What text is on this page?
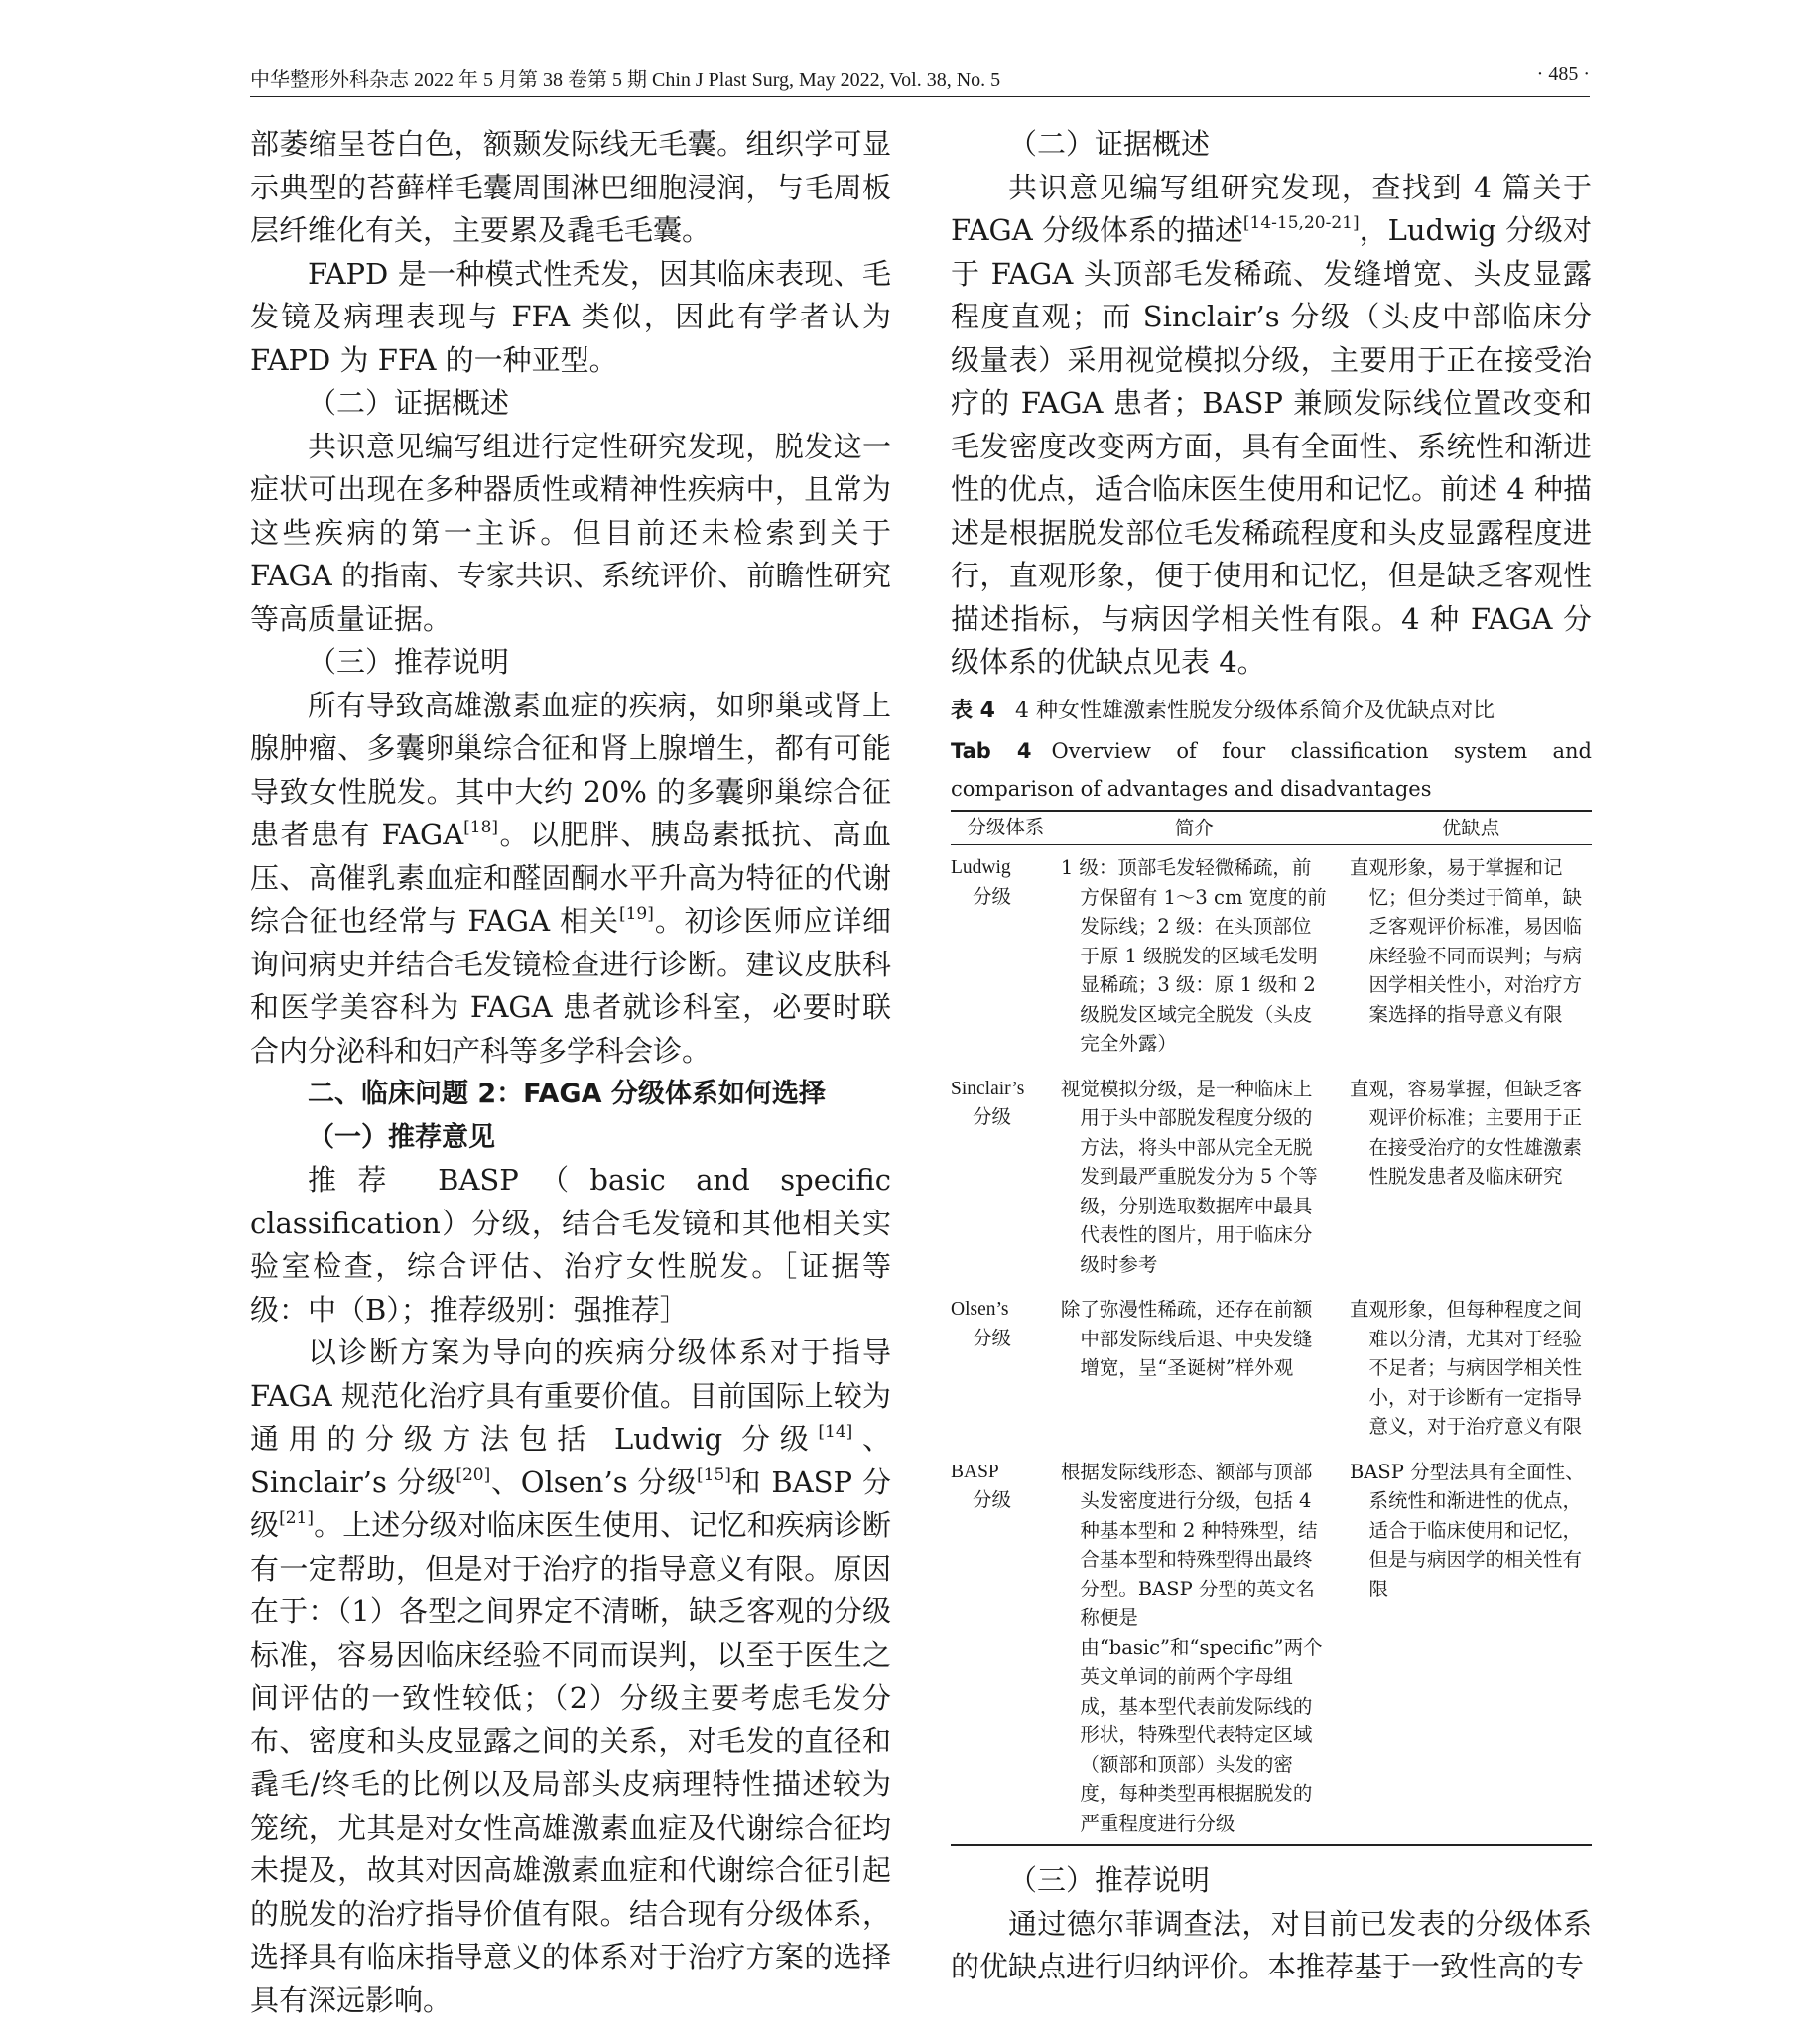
中华整形外科杂志 2022 年 5 月第 38 卷第 5 期 Chin J Plast Surg, May 2022, Vol. 38, No. 5	· 485 ·

部萎缩呈苍白色，额颞发际线无毛囊。组织学可显示典型的苔藓样毛囊周围淋巴细胞浸润，与毛周板层纤维化有关，主要累及毳毛毛囊。

FAPD 是一种模式性秃发，因其临床表现、毛发镜及病理表现与 FFA 类似，因此有学者认为 FAPD 为 FFA 的一种亚型。

（二）证据概述

共识意见编写组进行定性研究发现，脱发这一症状可出现在多种器质性或精神性疾病中，且常为这些疾病的第一主诉。但目前还未检索到关于 FAGA 的指南、专家共识、系统评价、前瞻性研究等高质量证据。

（三）推荐说明

所有导致高雄激素血症的疾病，如卵巢或肾上腺肿瘤、多囊卵巢综合征和肾上腺增生，都有可能导致女性脱发。其中大约 20% 的多囊卵巢综合征患者患有 FAGA[18]。以肥胖、胰岛素抵抗、高血压、高催乳素血症和醛固酮水平升高为特征的代谢综合征也经常与 FAGA 相关[19]。初诊医师应详细询问病史并结合毛发镜检查进行诊断。建议皮肤科和医学美容科为 FAGA 患者就诊科室，必要时联合内分泌科和妇产科等多学科会诊。

二、临床问题 2：FAGA 分级体系如何选择

（一）推荐意见

推荐 BASP（basic and specific classification）分级，结合毛发镜和其他相关实验室检查，综合评估、治疗女性脱发。［证据等级：中（B）；推荐级别：强推荐］

以诊断方案为导向的疾病分级体系对于指导 FAGA 规范化治疗具有重要价值。目前国际上较为通用的分级方法包括 Ludwig 分级[14]、Sinclair’s 分级[20]、Olsen’s 分级[15]和 BASP 分级[21]。上述分级对临床医生使用、记忆和疾病诊断有一定帮助，但是对于治疗的指导意义有限。原因在于：（1）各型之间界定不清晰，缺乏客观的分级标准，容易因临床经验不同而误判，以至于医生之间评估的一致性较低；（2）分级主要考虑毛发分布、密度和头皮显露之间的关系，对毛发的直径和毳毛/终毛的比例以及局部头皮病理特性描述较为笼统，尤其是对女性高雄激素血症及代谢综合征均未提及，故其对因高雄激素血症和代谢综合征引起的脱发的治疗指导价值有限。结合现有分级体系，选择具有临床指导意义的体系对于治疗方案的选择具有深远影响。

（二）证据概述

共识意见编写组研究发现，查找到 4 篇关于 FAGA 分级体系的描述[14-15,20-21]，Ludwig 分级对于 FAGA 头顶部毛发稀疏、发缝增宽、头皮显露程度直观；而 Sinclair’s 分级（头皮中部临床分级量表）采用视觉模拟分级，主要用于正在接受治疗的 FAGA 患者；BASP 兼顾发际线位置改变和毛发密度改变两方面，具有全面性、系统性和渐进性的优点，适合临床医生使用和记忆。前述 4 种描述是根据脱发部位毛发稀疏程度和头皮显露程度进行，直观形象，便于使用和记忆，但是缺乏客观性描述指标，与病因学相关性有限。4 种 FAGA 分级体系的优缺点见表 4。

表 4 4 种女性雄激素性脱发分级体系简介及优缺点对比

Tab 4 Overview of four classification system and comparison of advantages and disadvantages

分级体系	简介	优缺点

Ludwig
分级	1 级：顶部毛发轻微稀疏，前方保留有 1～3 cm 宽度的前发际线；2 级：在头顶部位于原 1 级脱发的区域毛发明显稀疏；3 级：原 1 级和 2 级脱发区域完全脱发（头皮完全外露）	直观形象，易于掌握和记忆；但分类过于简单，缺乏客观评价标准，易因临床经验不同而误判；与病因学相关性小，对治疗方案选择的指导意义有限

Sinclair’s
分级	视觉模拟分级，是一种临床上用于头中部脱发程度分级的方法，将头中部从完全无脱发到最严重脱发分为 5 个等级，分别选取数据库中最具代表性的图片，用于临床分级时参考	直观，容易掌握，但缺乏客观评价标准；主要用于正在接受治疗的女性雄激素性脱发患者及临床研究

Olsen’s
分级	除了弥漫性稀疏，还存在前额中部发际线后退、中央发缝增宽，呈“圣诞树”样外观	直观形象，但每种程度之间难以分清，尤其对于经验不足者；与病因学相关性小，对于诊断有一定指导意义，对于治疗意义有限

BASP
分级	根据发际线形态、额部与顶部头发密度进行分级，包括 4 种基本型和 2 种特殊型，结合基本型和特殊型得出最终分型。BASP 分型的英文名称便是由“basic”和“specific”两个英文单词的前两个字母组成，基本型代表前发际线的形状，特殊型代表特定区域（额部和顶部）头发的密度，每种类型再根据脱发的严重程度进行分级	BASP 分型法具有全面性、系统性和渐进性的优点，适合于临床使用和记忆，但是与病因学的相关性有限

（三）推荐说明

通过德尔菲调查法，对目前已发表的分级体系的优缺点进行归纳评价。本推荐基于一致性高的专
